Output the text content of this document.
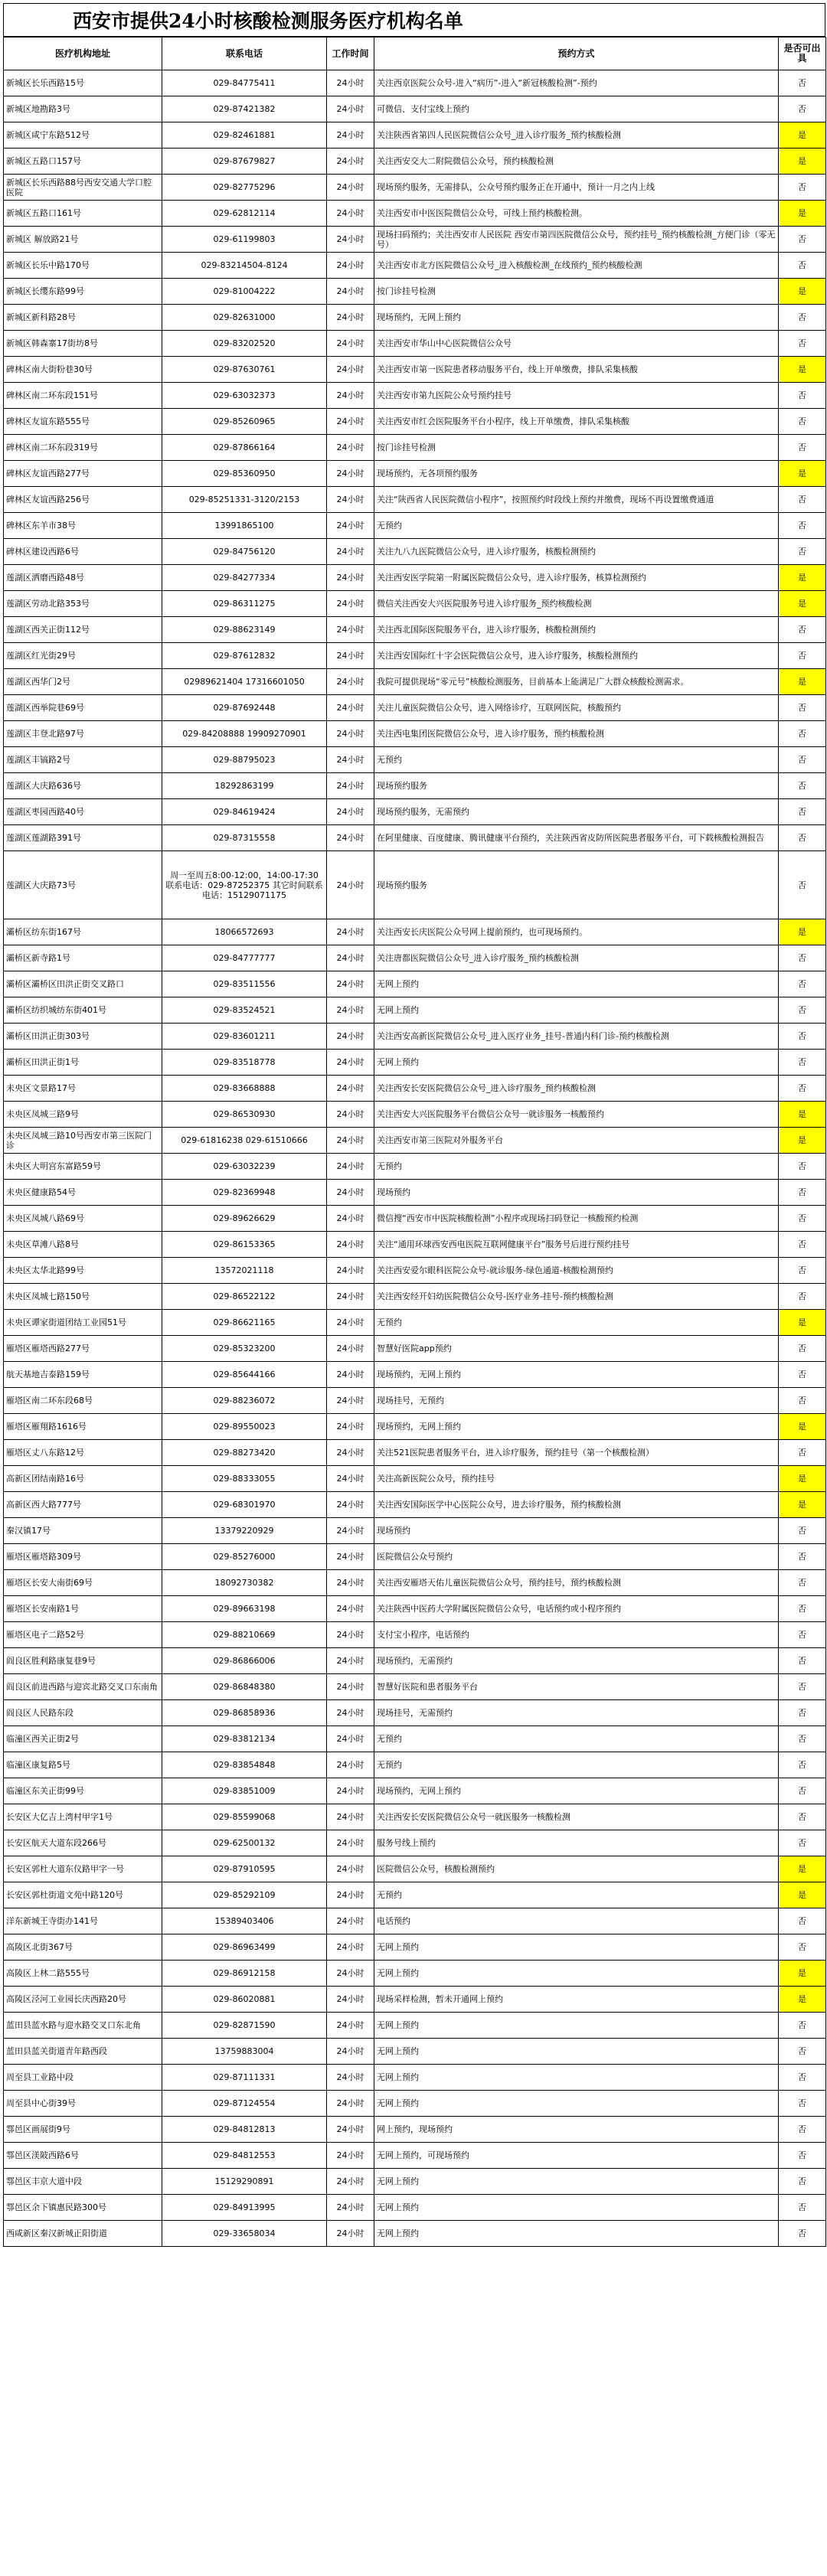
西安市提供24小时核酸检测服务医疗机构名单
医疗机构地址	联系电话	工作时间	预约方式	是否可出具
新城区长乐西路15号	029-84775411	24小时	关注西京医院公众号-进入“病历”-进入“新冠核酸检测”-预约	否
新城区地勘路3号	029-87421382	24小时	可微信、支付宝线上预约	否
新城区咸宁东路512号	029-82461881	24小时	关注陕西省第四人民医院微信公众号_进入诊疗服务_预约核酸检测	是
新城区五路口157号	029-87679827	24小时	关注西安交大二附院微信公众号，预约核酸检测	是
新城区长乐西路88号西安交通大学口腔医院	029-82775296	24小时	现场预约服务，无需排队，公众号预约服务正在开通中，预计一月之内上线	否
新城区五路口161号	029-62812114	24小时	关注西安市中医医院微信公众号，可线上预约核酸检测。	是
新城区 解放路21号	029-61199803	24小时	现场扫码预约；关注西安市人民医院 西安市第四医院微信公众号，预约挂号_预约核酸检测_方便门诊（零无号）	否
新城区长乐中路170号	029-83214504-8124	24小时	关注西安市北方医院微信公众号_进入核酸检测_在线预约_预约核酸检测	否
新城区长缨东路99号	029-81004222	24小时	按门诊挂号检测	是
新城区新科路28号	029-82631000	24小时	现场预约，无网上预约	否
新城区韩森寨17街坊8号	029-83202520	24小时	关注西安市华山中心医院微信公众号	否
碑林区南大街粉巷30号	029-87630761	24小时	关注西安市第一医院患者移动服务平台，线上开单缴费，排队采集核酸	是
碑林区南二环东段151号	029-63032373	24小时	关注西安市第九医院公众号预约挂号	否
碑林区友谊东路555号	029-85260965	24小时	关注西安市红会医院服务平台小程序，线上开单缴费，排队采集核酸	否
碑林区南二环东段319号	029-87866164	24小时	按门诊挂号检测	否
碑林区友谊西路277号	029-85360950	24小时	现场预约，无各项预约服务	是
碑林区友谊西路256号	029-85251331-3120/2153	24小时	关注“陕西省人民医院微信小程序”，按照预约时段线上预约并缴费，现场不再设置缴费通道	否
碑林区东羊市38号	13991865100	24小时	无预约	否
碑林区建设西路6号	029-84756120	24小时	关注九八九医院微信公众号，进入诊疗服务，核酸检测预约	否
莲湖区洒磨西路48号	029-84277334	24小时	关注西安医学院第一附属医院微信公众号，进入诊疗服务，核算检测预约	是
莲湖区劳动北路353号	029-86311275	24小时	微信关注西安大兴医院服务号进入诊疗服务_预约核酸检测	是
莲湖区西关正街112号	029-88623149	24小时	关注西北国际医院服务平台，进入诊疗服务，核酸检测预约	否
莲湖区红光街29号	029-87612832	24小时	关注西安国际红十字会医院微信公众号，进入诊疗服务，核酸检测预约	否
莲湖区西华门2号	02989621404 17316601050	24小时	我院可提供现场“零元号”核酸检测服务，目前基本上能满足广大群众核酸检测需求。	是
莲湖区西举院巷69号	029-87692448	24小时	关注儿童医院微信公众号，进入网络诊疗，互联网医院，核酸预约	否
莲湖区丰登北路97号	029-84208888 19909270901	24小时	关注西电集团医院微信公众号，进入诊疗服务，预约核酸检测	否
莲湖区丰镐路2号	029-88795023	24小时	无预约	否
莲湖区大庆路636号	18292863199	24小时	现场预约服务	否
莲湖区枣园西路40号	029-84619424	24小时	现场预约服务，无需预约	否
莲湖区莲湖路391号	029-87315558	24小时	在阿里健康、百度健康、腾讯健康平台预约，关注陕西省皮防所医院患者服务平台，可下载核酸检测报告	否
莲湖区大庆路73号	周一至周五8:00-12:00，14:00-17:30 联系电话：029-87252375 其它时间联系电话：15129071175	24小时	现场预约服务	否
灞桥区纺东街167号	18066572693	24小时	关注西安长庆医院公众号网上提前预约，也可现场预约。	是
灞桥区新寺路1号	029-84777777	24小时	关注唐都医院微信公众号_进入诊疗服务_预约核酸检测	否
灞桥区灞桥区田洪正街交叉路口	029-83511556	24小时	无网上预约	否
灞桥区纺织城纺东街401号	029-83524521	24小时	无网上预约	否
灞桥区田洪正街303号	029-83601211	24小时	关注西安高新医院微信公众号_进入医疗业务_挂号-普通内科门诊-预约核酸检测	否
灞桥区田洪正街1号	029-83518778	24小时	无网上预约	否
未央区文景路17号	029-83668888	24小时	关注西安长安医院微信公众号_进入诊疗服务_预约核酸检测	否
未央区凤城三路9号	029-86530930	24小时	关注西安大兴医院服务平台微信公众号一就诊服务一核酸预约	是
未央区凤城三路10号西安市第三医院门诊	029-61816238 029-61510666	24小时	关注西安市第三医院对外服务平台	是
未央区大明宫东富路59号	029-63032239	24小时	无预约	否
未央区健康路54号	029-82369948	24小时	现场预约	否
未央区凤城八路69号	029-89626629	24小时	微信搜“西安市中医院核酸检测”小程序或现场扫码登记一核酸预约检测	否
未央区草滩八路8号	029-86153365	24小时	关注“通用环球西安西电医院互联网健康平台”服务号后进行预约挂号	否
未央区太华北路99号	13572021118	24小时	关注西安爱尔眼科医院公众号-就诊服务-绿色通道-核酸检测预约	否
未央区凤城七路150号	029-86522122	24小时	关注西安经开妇幼医院微信公众号-医疗业务-挂号-预约核酸检测	否
未央区谭家街道团结工业园51号	029-86621165	24小时	无预约	是
雁塔区雁塔西路277号	029-85323200	24小时	智慧好医院app预约	否
航天基地吉泰路159号	029-85644166	24小时	现场预约，无网上预约	否
雁塔区南二环东段68号	029-88236072	24小时	现场挂号，无预约	否
雁塔区雁翔路1616号	029-89550023	24小时	现场预约，无网上预约	是
雁塔区丈八东路12号	029-88273420	24小时	关注521医院患者服务平台，进入诊疗服务，预约挂号（第一个核酸检测）	否
高新区团结南路16号	029-88333055	24小时	关注高新医院公众号，预约挂号	是
高新区西大路777号	029-68301970	24小时	关注西安国际医学中心医院公众号，进去诊疗服务，预约核酸检测	是
秦汉镇17号	13379220929	24小时	现场预约	否
雁塔区雁塔路309号	029-85276000	24小时	医院微信公众号预约	否
雁塔区长安大南街69号	18092730382	24小时	关注西安雁塔天佑儿童医院微信公众号，预约挂号，预约核酸检测	否
雁塔区长安南路1号	029-89663198	24小时	关注陕西中医药大学附属医院微信公众号，电话预约或小程序预约	否
雁塔区电子二路52号	029-88210669	24小时	支付宝小程序，电话预约	否
阎良区胜利路康复巷9号	029-86866006	24小时	现场预约，无需预约	否
阎良区前进西路与迎宾北路交叉口东南角	029-86848380	24小时	智慧好医院和患者服务平台	否
阎良区人民路东段	029-86858936	24小时	现场挂号，无需预约	否
临潼区西关正街2号	029-83812134	24小时	无预约	否
临潼区康复路5号	029-83854848	24小时	无预约	否
临潼区东关正街99号	029-83851009	24小时	现场预约，无网上预约	否
长安区大亿吉上湾村甲字1号	029-85599068	24小时	关注西安长安医院微信公众号一就医服务一核酸检测	否
长安区航天大道东段266号	029-62500132	24小时	服务号线上预约	否
长安区郭杜大道东仪路甲字一号	029-87910595	24小时	医院微信公众号，核酸检测预约	是
长安区郭杜街道文苑中路120号	029-85292109	24小时	无预约	是
洋东新城王寺街办141号	15389403406	24小时	电话预约	否
高陵区北街367号	029-86963499	24小时	无网上预约	否
高陵区上林二路555号	029-86912158	24小时	无网上预约	是
高陵区泾河工业园长庆西路20号	029-86020881	24小时	现场采样检测，暂未开通网上预约	是
蓝田县蓝水路与迎水路交叉口东北角	029-82871590	24小时	无网上预约	否
蓝田县蓝关街道青年路西段	13759883004	24小时	无网上预约	否
周至县工业路中段	029-87111331	24小时	无网上预约	否
周至县中心街39号	029-87124554	24小时	无网上预约	否
鄠邑区画展街9号	029-84812813	24小时	网上预约，现场预约	否
鄠邑区渼陂西路6号	029-84812553	24小时	无网上预约，可现场预约	否
鄠邑区丰京大道中段	15129290891	24小时	无网上预约	否
鄠邑区余下镇惠民路300号	029-84913995	24小时	无网上预约	否
西咸新区秦汉新城正阳街道	029-33658034	24小时	无网上预约	否
